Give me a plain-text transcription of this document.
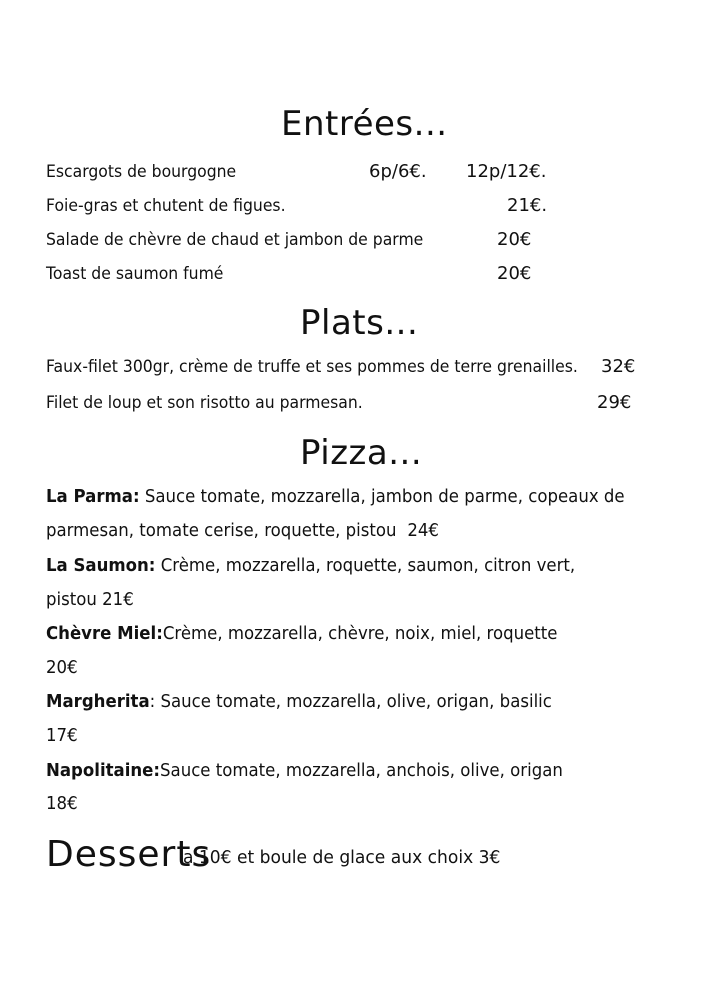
Entrées...
Escargots de bourgogne	6p/6€. 12p/12€.
Foie-gras et chutent de figues.	21€.
Salade de chèvre de chaud et jambon de parme	20€
Toast de saumon fumé	20€
Plats...
Faux-filet 300gr, crème de truffe et ses pommes de terre grenailles. 32€
Filet de loup et son risotto au parmesan.	29€
Pizza...
La Parma: Sauce tomate, mozzarella, jambon de parme, copeaux de
parmesan, tomate cerise, roquette, pistou 24€
La Saumon: Crème, mozzarella, roquette, saumon, citron vert,
pistou 21€
Chèvre Miel:Crème, mozzarella, chèvre, noix, miel, roquette
20€
Margherita: Sauce tomate, mozzarella, olive, origan, basilic
17€
Napolitaine:Sauce tomate, mozzarella, anchois, olive, origan
18€
Desserts
a 10€ et boule de glace aux choix 3€
